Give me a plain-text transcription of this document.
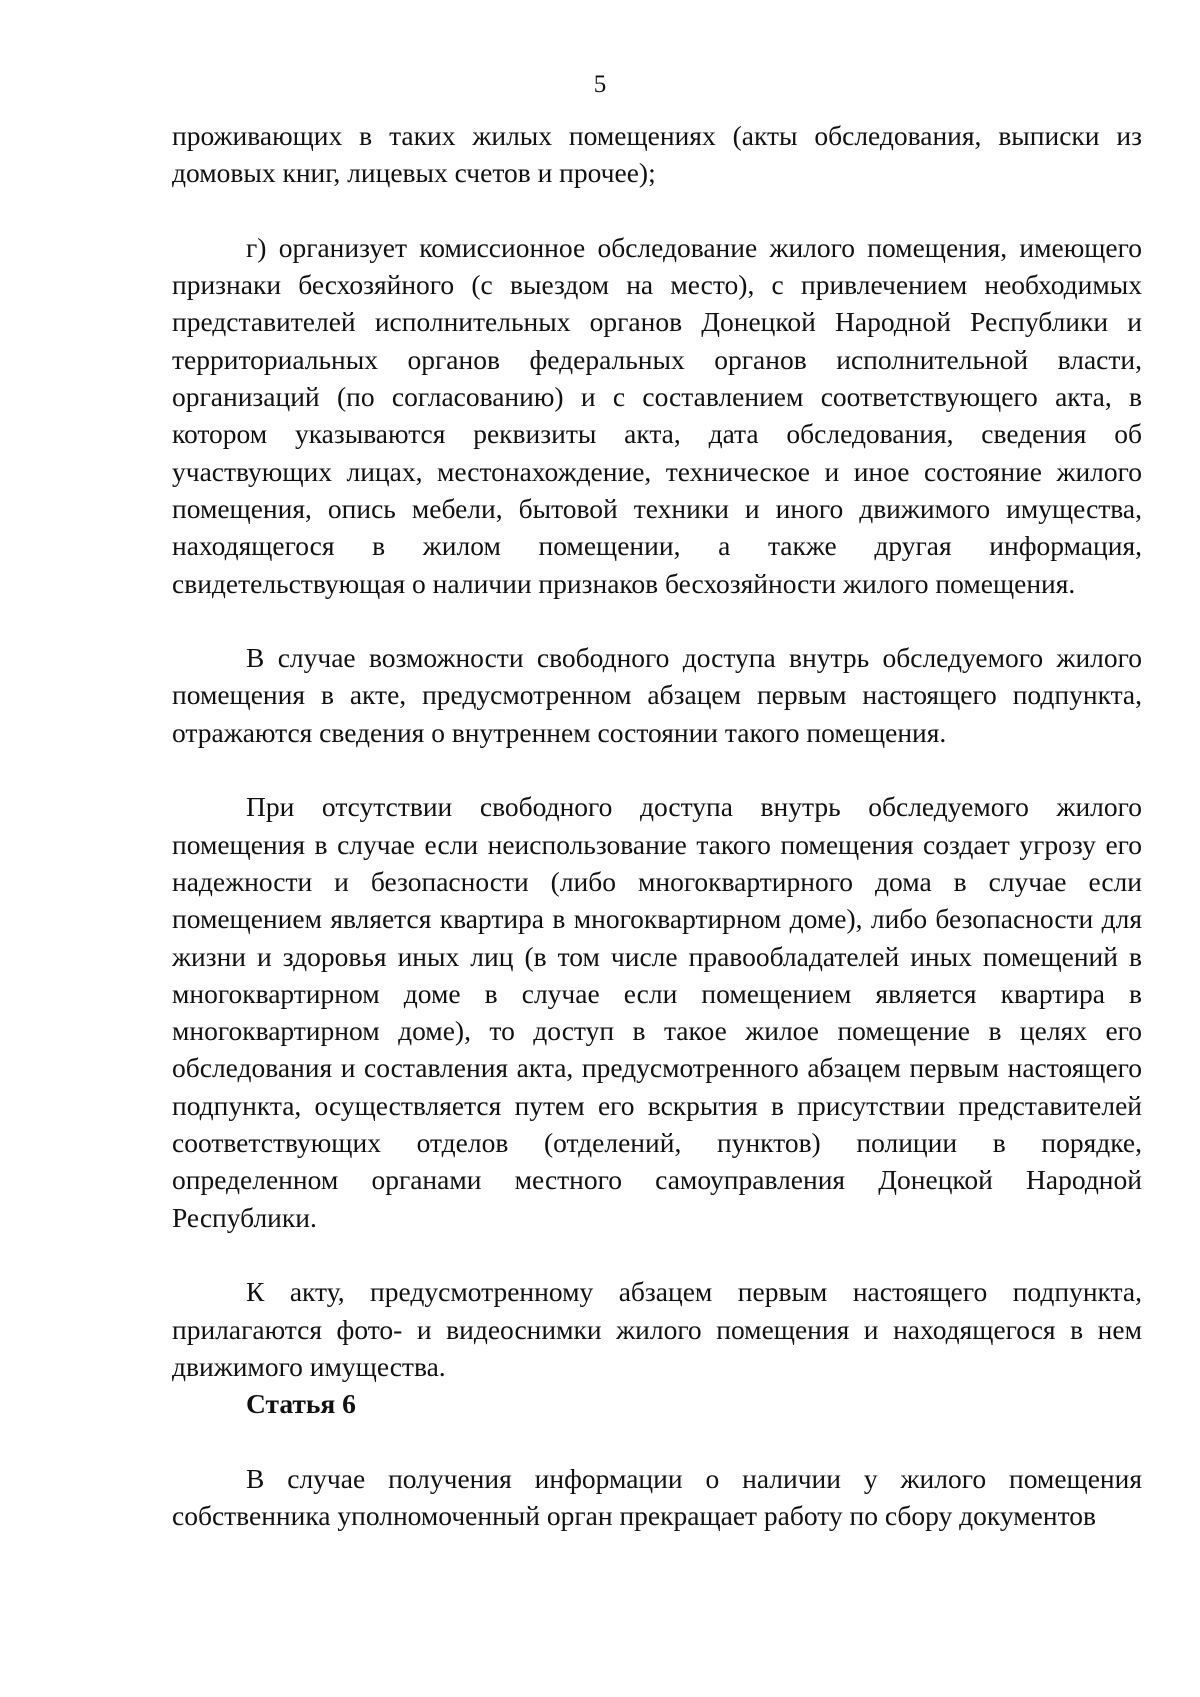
5

проживающих в таких жилых помещениях (акты обследования, выписки из домовых книг, лицевых счетов и прочее);

г) организует комиссионное обследование жилого помещения, имеющего признаки бесхозяйного (с выездом на место), с привлечением необходимых представителей исполнительных органов Донецкой Народной Республики и территориальных органов федеральных органов исполнительной власти, организаций (по согласованию) и с составлением соответствующего акта, в котором указываются реквизиты акта, дата обследования, сведения об участвующих лицах, местонахождение, техническое и иное состояние жилого помещения, опись мебели, бытовой техники и иного движимого имущества, находящегося в жилом помещении, а также другая информация, свидетельствующая о наличии признаков бесхозяйности жилого помещения.

В случае возможности свободного доступа внутрь обследуемого жилого помещения в акте, предусмотренном абзацем первым настоящего подпункта, отражаются сведения о внутреннем состоянии такого помещения.

При отсутствии свободного доступа внутрь обследуемого жилого помещения в случае если неиспользование такого помещения создает угрозу его надежности и безопасности (либо многоквартирного дома в случае если помещением является квартира в многоквартирном доме), либо безопасности для жизни и здоровья иных лиц (в том числе правообладателей иных помещений в многоквартирном доме в случае если помещением является квартира в многоквартирном доме), то доступ в такое жилое помещение в целях его обследования и составления акта, предусмотренного абзацем первым настоящего подпункта, осуществляется путем его вскрытия в присутствии представителей соответствующих отделов (отделений, пунктов) полиции в порядке, определенном органами местного самоуправления Донецкой Народной Республики.

К акту, предусмотренному абзацем первым настоящего подпункта, прилагаются фото- и видеоснимки жилого помещения и находящегося в нем движимого имущества.

Статья 6

В случае получения информации о наличии у жилого помещения собственника уполномоченный орган прекращает работу по сбору документов
